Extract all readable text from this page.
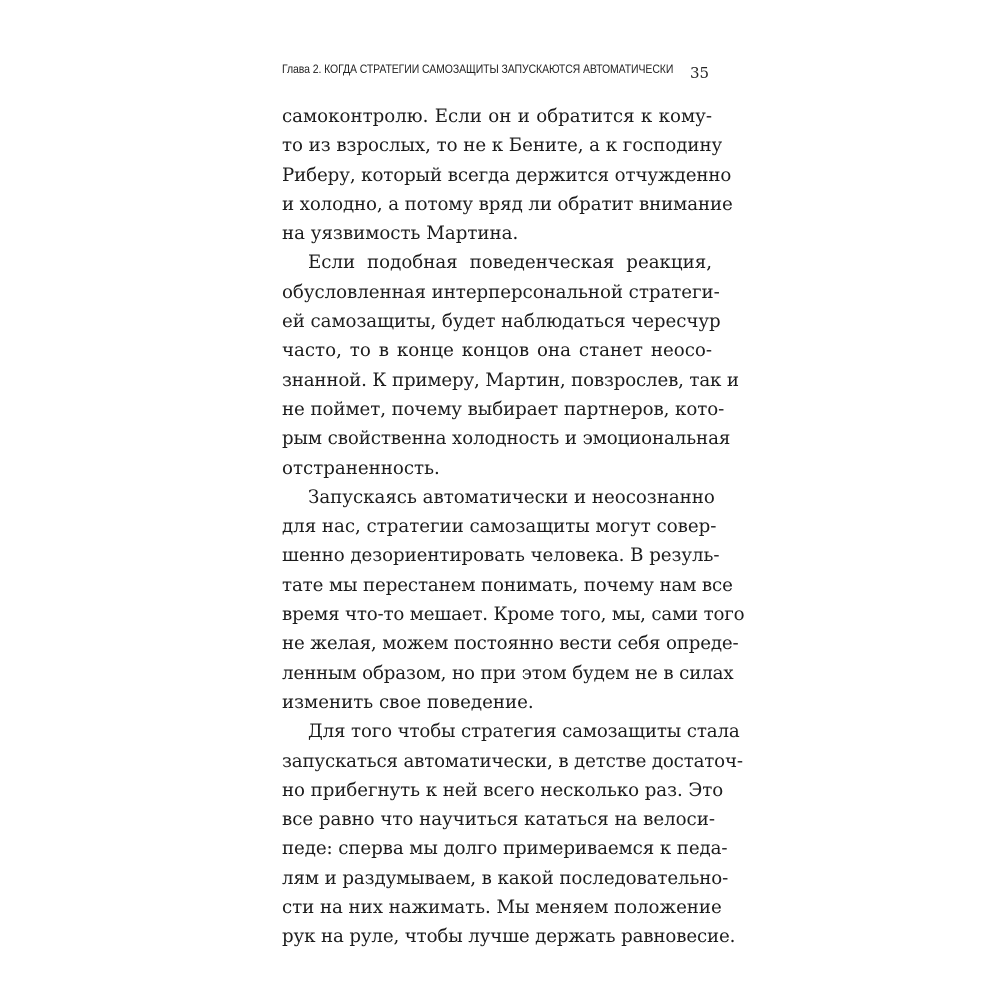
Глава 2. КОГДА СТРАТЕГИИ САМОЗАЩИТЫ ЗАПУСКАЮТСЯ АВТОМАТИЧЕСКИ 35
самоконтролю. Если он и обратится к кому-
то из взрослых, то не к Бените, а к господину
Риберу, который всегда держится отчужденно
и холодно, а потому вряд ли обратит внимание
на уязвимость Мартина.
Если подобная поведенческая реакция,
обусловленная интерперсональной стратеги-
ей самозащиты, будет наблюдаться чересчур
часто, то в конце концов она станет неосо-
знанной. К примеру, Мартин, повзрослев, так и
не поймет, почему выбирает партнеров, кото-
рым свойственна холодность и эмоциональная
отстраненность.
Запускаясь автоматически и неосознанно
для нас, стратегии самозащиты могут совер-
шенно дезориентировать человека. В резуль-
тате мы перестанем понимать, почему нам все
время что-то мешает. Кроме того, мы, сами того
не желая, можем постоянно вести себя опреде-
ленным образом, но при этом будем не в силах
изменить свое поведение.
Для того чтобы стратегия самозащиты стала
запускаться автоматически, в детстве достаточ-
но прибегнуть к ней всего несколько раз. Это
все равно что научиться кататься на велоси-
педе: сперва мы долго примериваемся к педа-
лям и раздумываем, в какой последовательно-
сти на них нажимать. Мы меняем положение
рук на руле, чтобы лучше держать равновесие.
